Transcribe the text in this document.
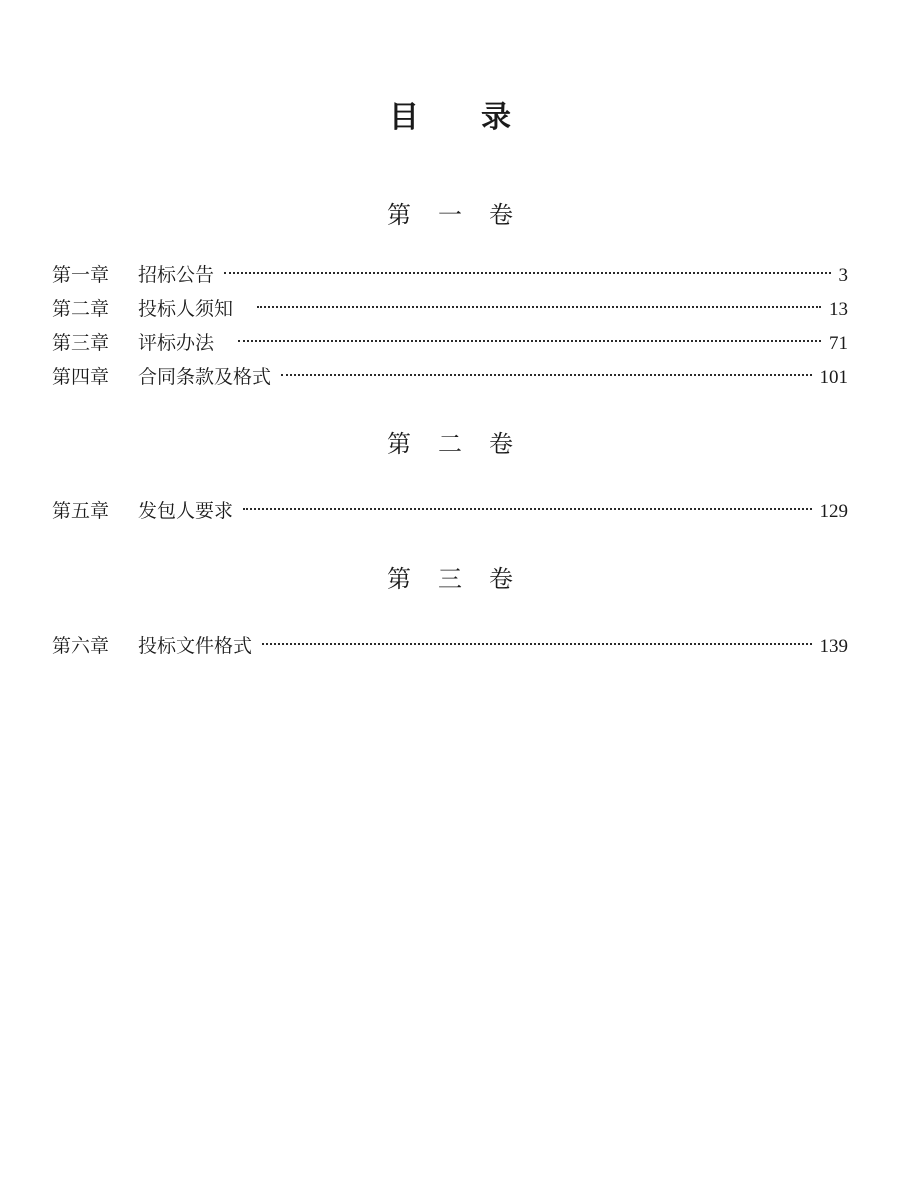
目录
第一卷
第一章	招标公告	3
第二章	投标人须知	13
第三章	评标办法	71
第四章	合同条款及格式	101
第二卷
第五章	发包人要求	129
第三卷
第六章	投标文件格式	139
